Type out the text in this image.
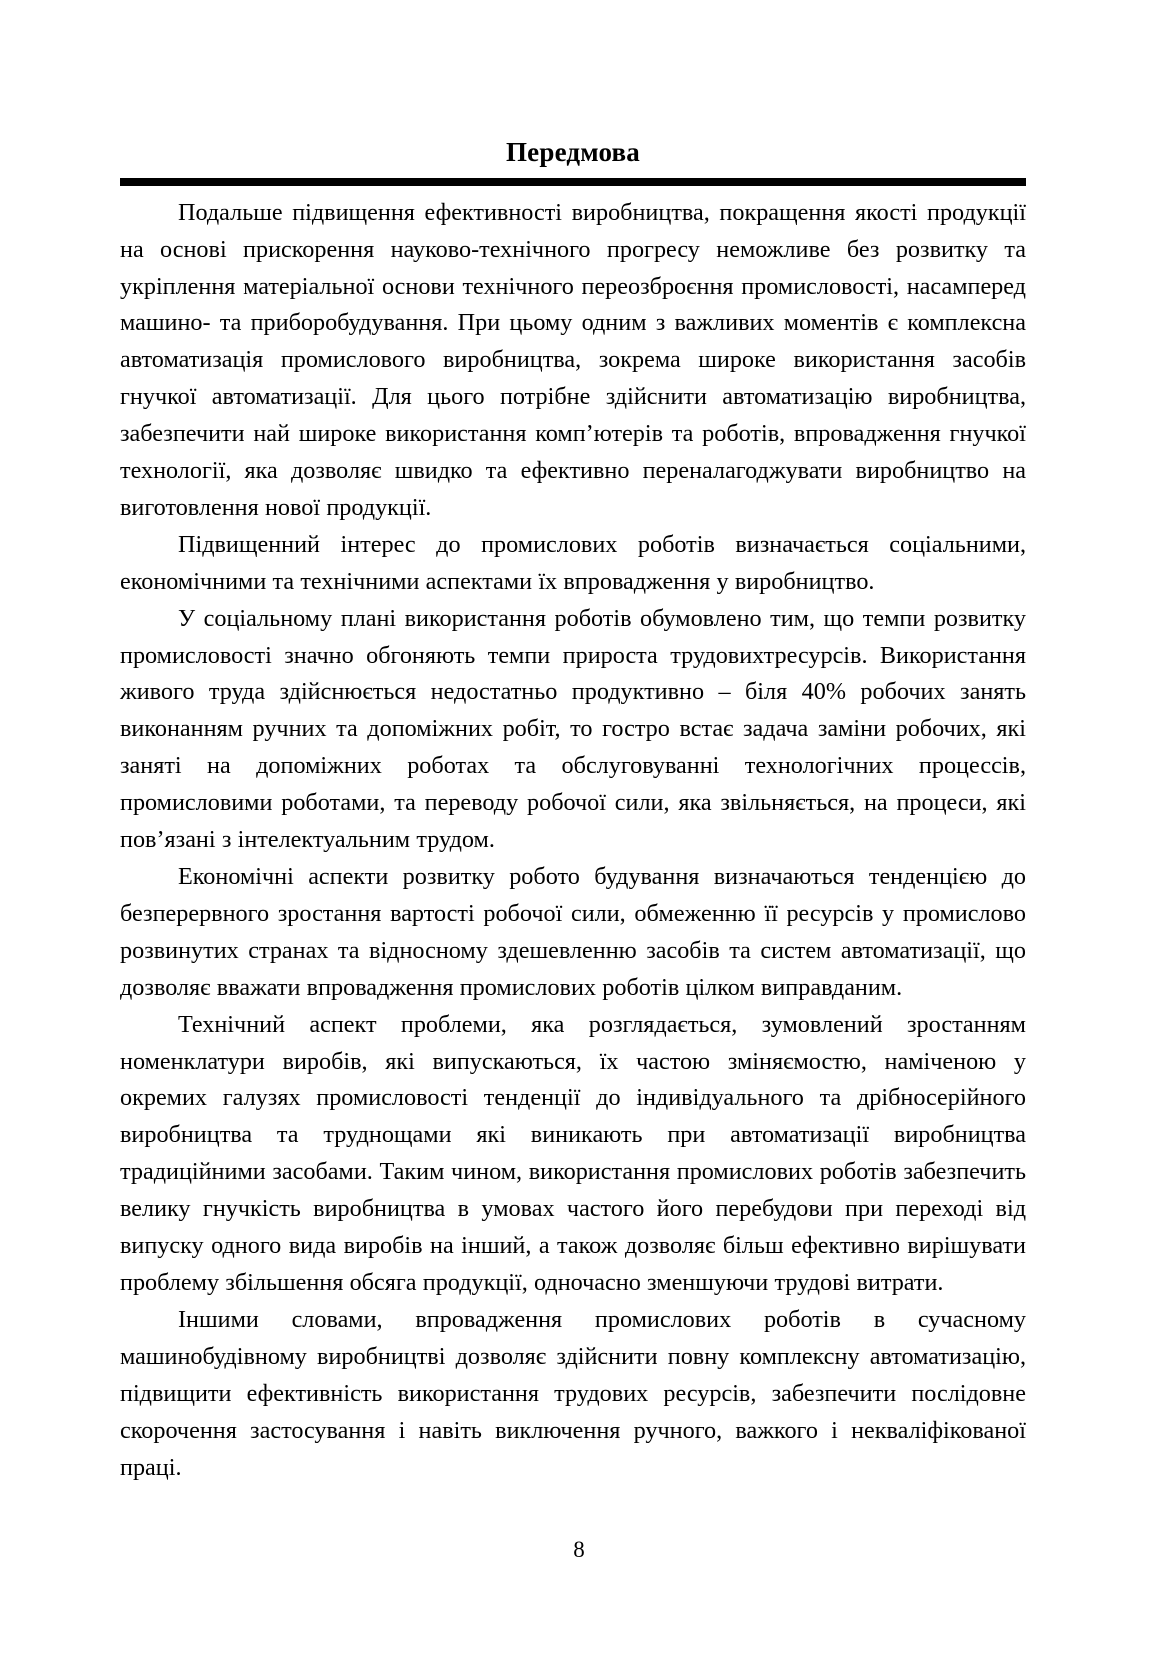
Передмова

Подальше підвищення ефективності виробництва, покращення якості продукції на основі прискорення науково-технічного прогресу неможливе без розвитку та укріплення матеріальної основи технічного переозброєння промисловості, насамперед машино- та приборобудування. При цьому одним з важливих моментів є комплексна автоматизація промислового виробництва, зокрема широке використання засобів гнучкої автоматизації. Для цього потрібне здійснити автоматизацію виробництва, забезпечити най широке використання комп’ютерів та роботів, впровадження гнучкої технології, яка дозволяє швидко та ефективно переналагоджувати виробництво на виготовлення нової продукції.

Підвищенний інтерес до промислових роботів визначається соціальними, економічними та технічними аспектами їх впровадження у виробництво.

У соціальному плані використання роботів обумовлено тим, що темпи розвитку промисловості значно обгоняють темпи прироста трудовихтресурсів. Використання живого труда здійснюється недостатньо продуктивно – біля 40% робочих занять виконанням ручних та допоміжних робіт, то гостро встає задача заміни робочих, які заняті на допоміжних роботах та обслуговуванні технологічних процессів, промисловими роботами, та переводу робочої сили, яка звільняється, на процеси, які пов’язані з інтелектуальним трудом.

Економічні аспекти розвитку робото будування визначаються тенденцією до безперервного зростання вартості робочої сили, обмеженню її ресурсів у промислово розвинутих странах та відносному здешевленню засобів та систем автоматизації, що дозволяє вважати впровадження промислових роботів цілком виправданим.

Технічний аспект проблеми, яка розглядається, зумовлений зростанням номенклатури виробів, які випускаються, їх частою зміняємостю, наміченою у окремих галузях промисловості тенденції до індивідуального та дрібносерійного виробництва та труднощами які виникають при автоматизації виробництва традиційними засобами. Таким чином, використання промислових роботів забезпечить велику гнучкість виробництва в умовах частого його перебудови при переході від випуску одного вида виробів на інший, а також дозволяє більш ефективно вирішувати проблему збільшення обсяга продукції, одночасно зменшуючи трудові витрати.

Іншими словами, впровадження промислових роботів в сучасному машинобудівному виробництві дозволяє здійснити повну комплексну автоматизацію, підвищити ефективність використання трудових ресурсів, забезпечити послідовне скорочення застосування і навіть виключення ручного, важкого і некваліфікованої праці.

8
